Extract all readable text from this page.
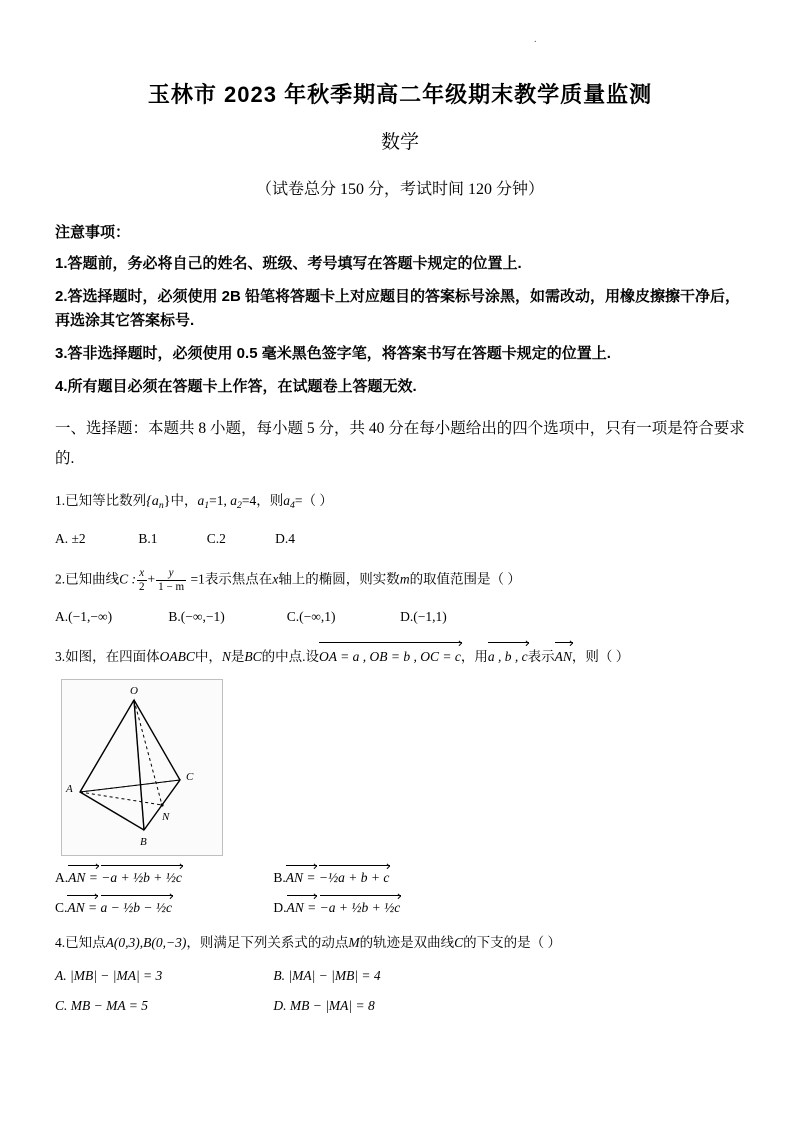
.
玉林市 2023 年秋季期高二年级期末教学质量监测
数学
（试卷总分 150 分，考试时间 120 分钟）
注意事项：
1.答题前，务必将自己的姓名、班级、考号填写在答题卡规定的位置上.
2.答选择题时，必须使用 2B 铅笔将答题卡上对应题目的答案标号涂黑，如需改动，用橡皮擦擦干净后，再选涂其它答案标号.
3.答非选择题时，必须使用 0.5 毫米黑色签字笔，将答案书写在答题卡规定的位置上.
4.所有题目必须在答题卡上作答，在试题卷上答题无效.
一、选择题：本题共 8 小题，每小题 5 分，共 40 分在每小题给出的四个选项中，只有一项是符合要求的.
1.已知等比数列$\{a_n\}$中，$a_1=1$, $a_2=4$，则$a_4=$（ ）
A. ±2	B.1	C.2	D.4
2.已知曲线C : $\frac{x}{2} + \frac{y}{1 - m} =1$表示焦点在x轴上的椭圆，则实数m的取值范围是（ ）
A.(−1,−∞)	B.(−∞,−1)	C.(−∞,1)	D.(−1,1)
3.如图，在四面体OABC中，N是BC的中点.设OA = a , OB = b , OC = c，用a , b , c表示AN，则（ ）
O
A
C
N
B
A.AN = −a + ½b + ½c	B.AN = −½a + b + c
C.AN = a − ½b − ½c	D.AN = −a + ½b + ½c
4.已知点A(0,3),B(0,−3)，则满足下列关系式的动点M的轨迹是双曲线C的下支的是（ ）
A. |MB| − |MA| = 3	B. |MA| − |MB| = 4
C. MB − MA = 5	D. MB − |MA| = 8
